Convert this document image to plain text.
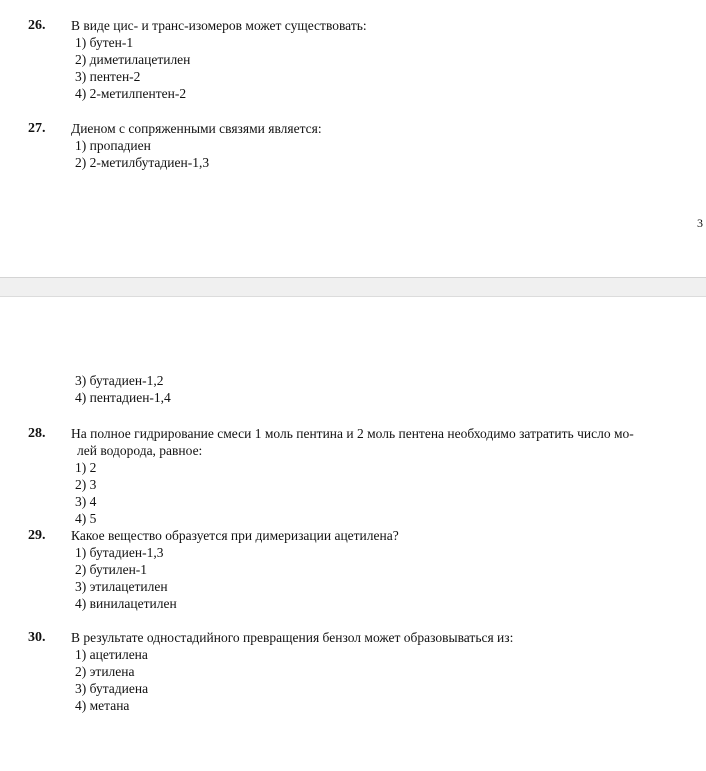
26. В виде цис- и транс-изомеров может существовать:
1) бутен-1
2) диметилацетилен
3) пентен-2
4) 2-метилпентен-2
27. Диеном с сопряженными связями является:
1) пропадиен
2) 2-метилбутадиен-1,3
3
3) бутадиен-1,2
4) пентадиен-1,4
28. На полное гидрирование смеси 1 моль пентина и 2 моль пентена необходимо затратить число мо-
лей водорода, равное:
1) 2
2) 3
3) 4
4) 5
29. Какое вещество образуется при димеризации ацетилена?
1) бутадиен-1,3
2) бутилен-1
3) этилацетилен
4) винилацетилен
30. В результате одностадийного превращения бензол может образовываться из:
1) ацетилена
2) этилена
3) бутадиена
4) метана
